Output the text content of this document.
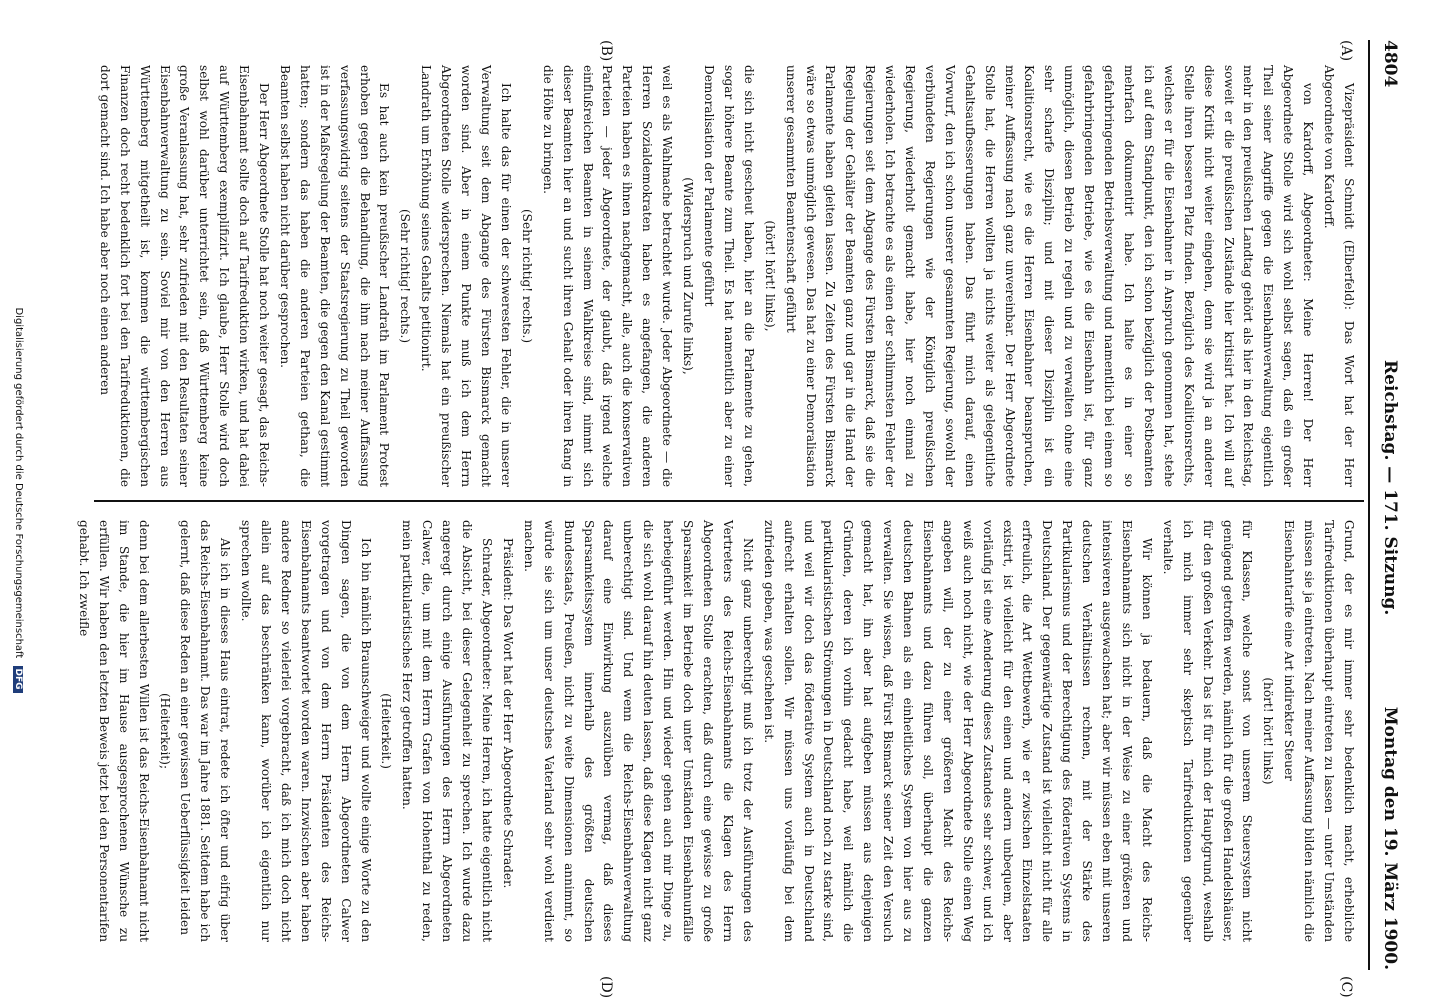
4804
Reichstag. — 171. Sitzung.
Montag den 19. März 1900.
(A)
(B)
(C)
(D)

Vizepräsident Schmidt (Elberfeld): Das Wort hat der Herr Abgeordnete von Kardorff.

von Kardorff, Abgeordneter: Meine Herren! Der Herr Abgeordnete Stolle wird sich wohl selbst sagen, daß ein großer Theil seiner Angriffe gegen die Eisenbahnverwaltung eigentlich mehr in den preußischen Landtag gehört als hier in den Reichstag, soweit er die preußischen Zustände hier kritisirt hat. Ich will auf diese Kritik nicht weiter eingehen, denn sie wird ja an anderer Stelle ihren besseren Platz finden. Bezüglich des Koalitionsrechts, welches er für die Eisenbahner in Anspruch genommen hat, stehe ich auf dem Standpunkt, den ich schon bezüglich der Postbeamten mehrfach dokumentirt habe. Ich halte es in einer so gefahrbringenden Betriebsverwaltung und namentlich bei einem so gefahrbringenden Betriebe, wie es die Eisenbahn ist, für ganz unmöglich, diesen Betrieb zu regeln und zu verwalten ohne eine sehr scharfe Disziplin; und mit dieser Disziplin ist ein Koalitionsrecht, wie es die Herren Eisenbahner beanspruchen, meiner Auffassung nach ganz unvereinbar. Der Herr Abgeordnete Stolle hat, die Herren wollten ja nichts weiter als gelegentliche Gehaltsaufbesserungen haben. Das führt mich darauf, einen Vorwurf, den ich schon unserer gesammten Regierung, sowohl der verbündeten Regierungen wie der Königlich preußischen Regierung, wiederholt gemacht habe, hier noch einmal zu wiederholen. Ich betrachte es als einen der schlimmsten Fehler der Regierungen seit dem Abgange des Fürsten Bismarck, daß sie die Regelung der Gehälter der Beamten ganz und gar in die Hand der Parlamente haben gleiten lassen. Zu Zeiten des Fürsten Bismarck wäre so etwas unmöglich gewesen. Das hat zu einer Demoralisation unserer gesammten Beamtenschaft geführt

(hört! hört! links),

die sich nicht gescheut haben, hier an die Parlamente zu gehen, sogar höhere Beamte zum Theil. Es hat namentlich aber zu einer Demoralisation der Parlamente geführt

(Widerspruch und Zurufe links),

weil es als Wahlmache betrachtet wurde. Jeder Abgeordnete — die Herren Sozialdemokraten haben es angefangen, die anderen Parteien haben es ihnen nachgemacht, alle, auch die konservativen Parteien — jeder Abgeordnete, der glaubt, daß irgend welche einflußreichen Beamten in seinem Wahlkreise sind, nimmt sich dieser Beamten hier an und sucht ihren Gehalt oder ihren Rang in die Höhe zu bringen.

(Sehr richtig! rechts.)

Ich halte das für einen der schweresten Fehler, die in unserer Verwaltung seit dem Abgange des Fürsten Bismarck gemacht worden sind. Aber in einem Punkte muß ich dem Herrn Abgeordneten Stolle widersprechen. Niemals hat ein preußischer Landrath um Erhöhung seines Gehalts petitionirt.

(Sehr richtig! rechts.)

Es hat auch kein preußischer Landrath im Parlament Protest erhoben gegen die Behandlung, die ihm nach meiner Auffassung verfassungswidrig seitens der Staatsregierung zu Theil geworden ist in der Maßregelung der Beamten, die gegen den Kanal gestimmt hatten; sondern das haben die anderen Parteien gethan, die Beamten selbst haben nicht darüber gesprochen.

Der Herr Abgeordnete Stolle hat noch weiter gesagt, das Reichs-Eisenbahnamt sollte doch auf Tarifreduktion wirken, und hat dabei auf Württemberg exemplifizirt. Ich glaube, Herr Stolle wird doch selbst wohl darüber unterrichtet sein, daß Württemberg keine große Veranlassung hat, sehr zufrieden mit den Resultaten seiner Eisenbahnverwaltung zu sein. Soviel mir von den Herren aus Württemberg mitgetheilt ist, kommen die württembergischen Finanzen doch recht bedenklich fort bei den Tarifreduktionen, die dort gemacht sind. Ich habe aber noch einen anderen

Grund, der es mir immer sehr bedenklich macht, erhebliche Tarifreduktionen überhaupt eintreten zu lassen — unter Umständen müssen sie ja eintreten. Nach meiner Auffassung bilden nämlich die Eisenbahntarife eine Art indirekter Steuer

(hört! hört! links)

für Klassen, welche sonst von unserem Steuersystem nicht genügend getroffen werden, nämlich für die großen Handelshäuser, für den großen Verkehr. Das ist für mich der Hauptgrund, weshalb ich mich immer sehr skeptisch Tarifreduktionen gegenüber verhalte.

Wir können ja bedauern, daß die Macht des Reichs-Eisenbahnamts sich nicht in der Weise zu einer größeren und intensiveren ausgewachsen hat; aber wir müssen eben mit unseren deutschen Verhältnissen rechnen, mit der Stärke des Partikularismus und der Berechtigung des föderativen Systems in Deutschland. Der gegenwärtige Zustand ist vielleicht nicht für alle erfreulich, die Art Wettbewerb, wie er zwischen Einzelstaaten existirt, ist vielleicht für den einen und andern unbequem, aber vorläufig ist eine Aenderung dieses Zustandes sehr schwer, und ich weiß auch noch nicht, wie der Herr Abgeordnete Stolle einen Weg angeben will, der zu einer größeren Macht des Reichs-Eisenbahnamts und dazu führen soll, überhaupt die ganzen deutschen Bahnen als ein einheitliches System von hier aus zu verwalten. Sie wissen, daß Fürst Bismarck seiner Zeit den Versuch gemacht hat, ihn aber hat aufgeben müssen aus denjenigen Gründen, deren ich vorhin gedacht habe, weil nämlich die partikularistischen Strömungen in Deutschland noch zu starke sind, und weil wir doch das föderative System auch in Deutschland aufrecht erhalten sollen. Wir müssen uns vorläufig bei dem zufrieden geben, was geschehen ist.

Nicht ganz unberechtigt muß ich trotz der Ausführungen des Vertreters des Reichs-Eisenbahnamts die Klagen des Herrn Abgeordneten Stolle erachten, daß durch eine gewisse zu große Sparsamkeit im Betriebe doch unter Umständen Eisenbahnunfälle herbeigeführt werden. Hin und wieder gehen auch mir Dinge zu, die sich wohl darauf hin deuten lassen, daß diese Klagen nicht ganz unberechtigt sind. Und wenn die Reichs-Eisenbahnverwaltung darauf eine Einwirkung auszuüben vermag, daß dieses Sparsamkeitssystem innerhalb des größten deutschen Bundesstaats, Preußen, nicht zu weite Dimensionen annimmt, so würde sie sich um unser deutsches Vaterland sehr wohl verdient machen.

Präsident: Das Wort hat der Herr Abgeordnete Schrader.

Schrader, Abgeordneter: Meine Herren, ich hatte eigentlich nicht die Absicht, bei dieser Gelegenheit zu sprechen. Ich wurde dazu angeregt durch einige Ausführungen des Herrn Abgeordneten Calwer, die, um mit dem Herrn Grafen von Hohenthal zu reden, mein partikularistisches Herz getroffen hatten.

(Heiterkeit.)

Ich bin nämlich Braunschweiger und wollte einige Worte zu den Dingen sagen, die von dem Herrn Abgeordneten Calwer vorgetragen und von dem Herrn Präsidenten des Reichs-Eisenbahnamts beantwortet worden waren. Inzwischen aber haben andere Redner so vielerlei vorgebracht, daß ich mich doch nicht allein auf das beschränken kann, worüber ich eigentlich nur sprechen wollte.

Als ich in dieses Haus eintrat, redete ich öfter und eifrig über das Reichs-Eisenbahnamt. Das war im Jahre 1881. Seitdem habe ich gelernt, daß diese Reden an einer gewissen Ueberflüssigkeit leiden

(Heiterkeit);

denn bei dem allerbesten Willen ist das Reichs-Eisenbahnamt nicht im Stande, die hier im Hause ausgesprochenen Wünsche zu erfüllen. Wir haben den letzten Beweis jetzt bei den Personentarifen gehabt. Ich zweifle

Digitalisierung gefördert durch die Deutsche Forschungsgemeinschaft DFG
